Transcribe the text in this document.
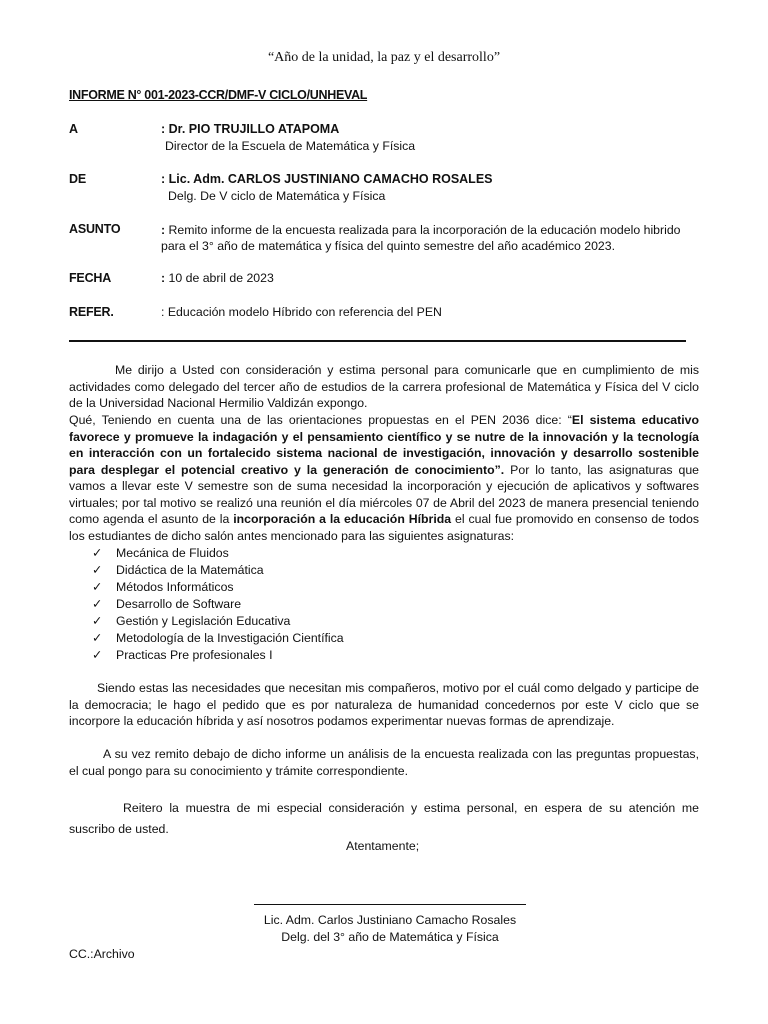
“Año de la unidad, la paz y el desarrollo”
INFORME N° 001-2023-CCR/DMF-V CICLO/UNHEVAL
A	: Dr. PIO TRUJILLO ATAPOMA
Director de la Escuela de Matemática y Física
DE	: Lic. Adm. CARLOS JUSTINIANO CAMACHO ROSALES
Delg. De V ciclo de Matemática y Física
ASUNTO	: Remito informe de la encuesta realizada para la incorporación de la educación modelo hibrido para el 3° año de matemática y física del quinto semestre del año académico 2023.
FECHA	: 10 de abril de 2023
REFER.	: Educación modelo Híbrido con referencia del PEN
Me dirijo a Usted con consideración y estima personal para comunicarle que en cumplimiento de mis actividades como delegado del tercer año de estudios de la carrera profesional de Matemática y Física del V ciclo de la Universidad Nacional Hermilio Valdizán expongo.
Qué, Teniendo en cuenta una de las orientaciones propuestas en el PEN 2036 dice: “El sistema educativo favorece y promueve la indagación y el pensamiento científico y se nutre de la innovación y la tecnología en interacción con un fortalecido sistema nacional de investigación, innovación y desarrollo sostenible para desplegar el potencial creativo y la generación de conocimiento”. Por lo tanto, las asignaturas que vamos a llevar este V semestre son de suma necesidad la incorporación y ejecución de aplicativos y softwares virtuales; por tal motivo se realizó una reunión el día miércoles 07 de Abril del 2023 de manera presencial teniendo como agenda el asunto de la incorporación a la educación Híbrida el cual fue promovido en consenso de todos los estudiantes de dicho salón antes mencionado para las siguientes asignaturas:
✓ Mecánica de Fluidos
✓ Didáctica de la Matemática
✓ Métodos Informáticos
✓ Desarrollo de Software
✓ Gestión y Legislación Educativa
✓ Metodología de la Investigación Científica
✓ Practicas Pre profesionales I
Siendo estas las necesidades que necesitan mis compañeros, motivo por el cuál como delgado y participe de la democracia; le hago el pedido que es por naturaleza de humanidad concedernos por este V ciclo que se incorpore la educación híbrida y así nosotros podamos experimentar nuevas formas de aprendizaje.
A su vez remito debajo de dicho informe un análisis de la encuesta realizada con las preguntas propuestas, el cual pongo para su conocimiento y trámite correspondiente.
Reitero la muestra de mi especial consideración y estima personal, en espera de su atención me suscribo de usted.
Atentamente;
Lic. Adm. Carlos Justiniano Camacho Rosales
Delg. del 3° año de Matemática y Física
CC.:Archivo
